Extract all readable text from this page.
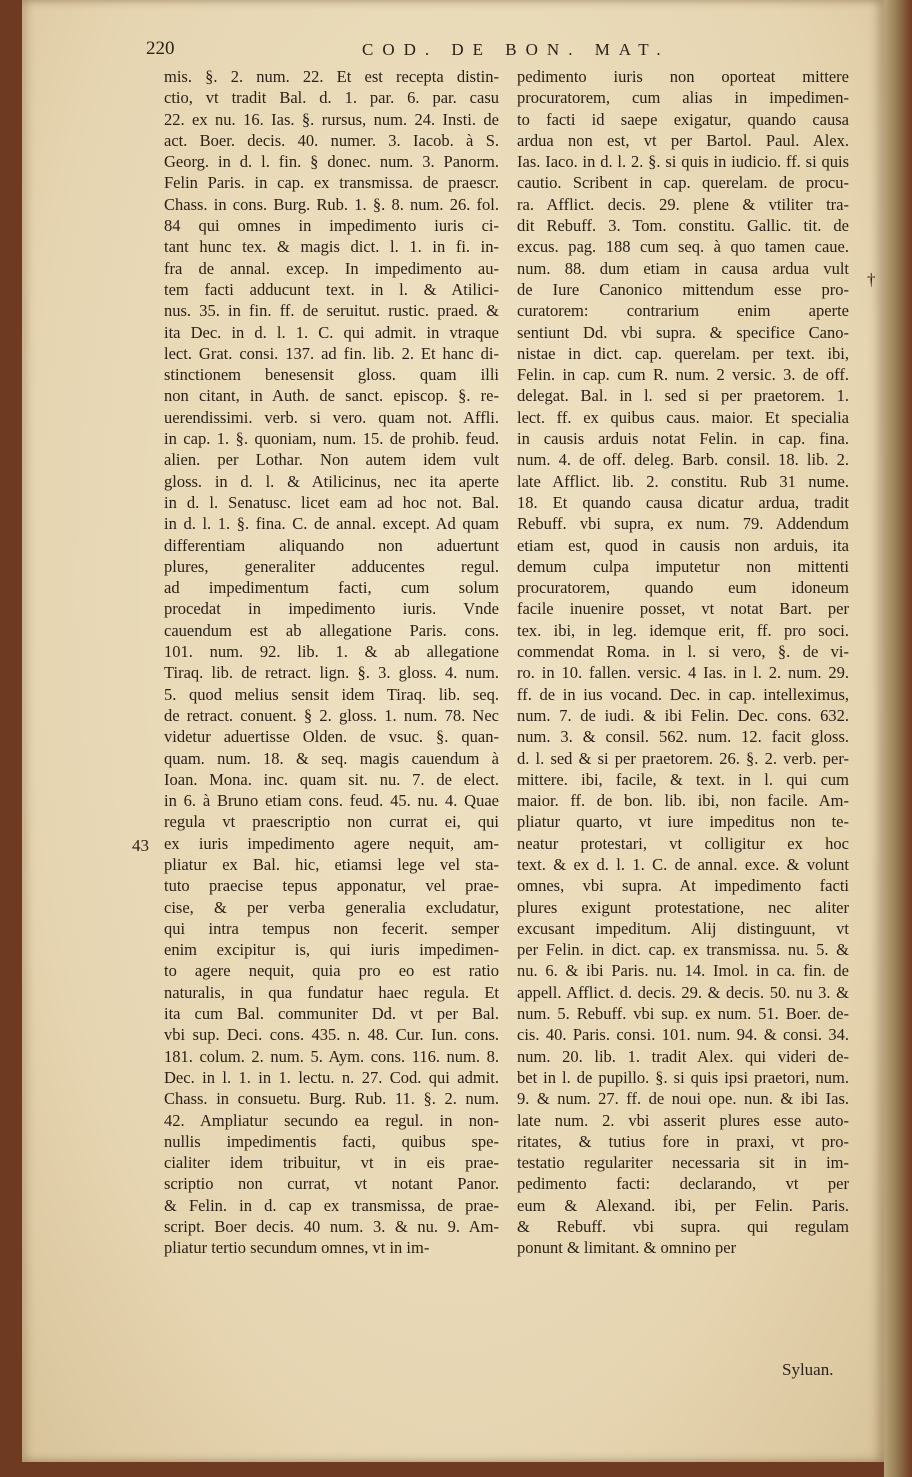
220	COD. DE BON. MAT.
mis. §. 2. num. 22. Et est recepta distin-
ctio, vt tradit Bal. d. 1. par. 6. par. casu
22. ex nu. 16. Ias. §. rursus, num. 24. Insti. de
act. Boer. decis. 40. numer. 3. Iacob. à S.
Georg. in d. l. fin. § donec. num. 3. Panorm.
Felin Paris. in cap. ex transmissa. de praescr.
Chass. in cons. Burg. Rub. 1. §. 8. num. 26. fol.
84 qui omnes in impedimento iuris ci-
tant hunc tex. & magis dict. l. 1. in fi. in-
fra de annal. excep. In impedimento au-
tem facti adducunt text. in l. & Atilici-
nus. 35. in fin. ff. de seruitut. rustic. praed. &
ita Dec. in d. l. 1. C. qui admit. in vtraque
lect. Grat. consi. 137. ad fin. lib. 2. Et hanc di-
stinctionem benesensit gloss. quam illi
non citant, in Auth. de sanct. episcop. §. re-
uerendissimi. verb. si vero. quam not. Affli.
in cap. 1. §. quoniam, num. 15. de prohib. feud.
alien. per Lothar. Non autem idem vult
gloss. in d. l. & Atilicinus, nec ita aperte
in d. l. Senatusc. licet eam ad hoc not. Bal.
in d. l. 1. §. fina. C. de annal. except. Ad quam
differentiam aliquando non aduertunt
plures, generaliter adducentes regul.
ad impedimentum facti, cum solum
procedat in impedimento iuris. Vnde
cauendum est ab allegatione Paris. cons.
101. num. 92. lib. 1. & ab allegatione
Tiraq. lib. de retract. lign. §. 3. gloss. 4. num.
5. quod melius sensit idem Tiraq. lib. seq.
de retract. conuent. § 2. gloss. 1. num. 78. Nec
videtur aduertisse Olden. de vsuc. §. quan-
quam. num. 18. & seq. magis cauendum à
Ioan. Mona. inc. quam sit. nu. 7. de elect.
in 6. à Bruno etiam cons. feud. 45. nu. 4. Quae
regula vt praescriptio non currat ei, qui
ex iuris impedimento agere nequit, am-
pliatur ex Bal. hic, etiamsi lege vel sta-
tuto praecise tepus apponatur, vel prae-
cise, & per verba generalia excludatur,
qui intra tempus non fecerit. semper
enim excipitur is, qui iuris impedimen-
to agere nequit, quia pro eo est ratio
naturalis, in qua fundatur haec regula. Et
ita cum Bal. communiter Dd. vt per Bal.
vbi sup. Deci. cons. 435. n. 48. Cur. Iun. cons.
181. colum. 2. num. 5. Aym. cons. 116. num. 8.
Dec. in l. 1. in 1. lectu. n. 27. Cod. qui admit.
Chass. in consuetu. Burg. Rub. 11. §. 2. num.
42. Ampliatur secundo ea regul. in non-
nullis impedimentis facti, quibus spe-
cialiter idem tribuitur, vt in eis prae-
scriptio non currat, vt notant Panor.
& Felin. in d. cap ex transmissa, de prae-
script. Boer decis. 40 num. 3. & nu. 9. Am-
pliatur tertio secundum omnes, vt in im-
pedimento iuris non oporteat mittere
procuratorem, cum alias in impedimen-
to facti id saepe exigatur, quando causa
ardua non est, vt per Bartol. Paul. Alex.
Ias. Iaco. in d. l. 2. §. si quis in iudicio. ff. si quis
cautio. Scribent in cap. querelam. de procu-
ra. Afflict. decis. 29. plene & vtiliter tra-
dit Rebuff. 3. Tom. constitu. Gallic. tit. de
excus. pag. 188 cum seq. à quo tamen caue.
num. 88. dum etiam in causa ardua vult
de Iure Canonico mittendum esse pro-
curatorem: contrarium enim aperte
sentiunt Dd. vbi supra. & specifice Cano-
nistae in dict. cap. querelam. per text. ibi,
Felin. in cap. cum R. num. 2 versic. 3. de off.
delegat. Bal. in l. sed si per praetorem. 1.
lect. ff. ex quibus caus. maior. Et specialia
in causis arduis notat Felin. in cap. fina.
num. 4. de off. deleg. Barb. consil. 18. lib. 2.
late Afflict. lib. 2. constitu. Rub 31 nume.
18. Et quando causa dicatur ardua, tradit
Rebuff. vbi supra, ex num. 79. Addendum
etiam est, quod in causis non arduis, ita
demum culpa imputetur non mittenti
procuratorem, quando eum idoneum
facile inuenire posset, vt notat Bart. per
tex. ibi, in leg. idemque erit, ff. pro soci.
commendat Roma. in l. si vero, §. de vi-
ro. in 10. fallen. versic. 4 Ias. in l. 2. num. 29.
ff. de in ius vocand. Dec. in cap. intelleximus,
num. 7. de iudi. & ibi Felin. Dec. cons. 632.
num. 3. & consil. 562. num. 12. facit gloss.
d. l. sed & si per praetorem. 26. §. 2. verb. per-
mittere. ibi, facile, & text. in l. qui cum
maior. ff. de bon. lib. ibi, non facile. Am-
pliatur quarto, vt iure impeditus non te-
neatur protestari, vt colligitur ex hoc
text. & ex d. l. 1. C. de annal. exce. & volunt
omnes, vbi supra. At impedimento facti
plures exigunt protestatione, nec aliter
excusant impeditum. Alij distinguunt, vt
per Felin. in dict. cap. ex transmissa. nu. 5. &
nu. 6. & ibi Paris. nu. 14. Imol. in ca. fin. de
appell. Afflict. d. decis. 29. & decis. 50. nu 3. &
num. 5. Rebuff. vbi sup. ex num. 51. Boer. de-
cis. 40. Paris. consi. 101. num. 94. & consi. 34.
num. 20. lib. 1. tradit Alex. qui videri de-
bet in l. de pupillo. §. si quis ipsi praetori, num.
9. & num. 27. ff. de noui ope. nun. & ibi Ias.
late num. 2. vbi asserit plures esse auto-
ritates, & tutius fore in praxi, vt pro-
testatio regulariter necessaria sit in im-
pedimento facti: declarando, vt per
eum & Alexand. ibi, per Felin. Paris.
& Rebuff. vbi supra. qui regulam
ponunt & limitant. & omnino per
43
†
Syluan.
